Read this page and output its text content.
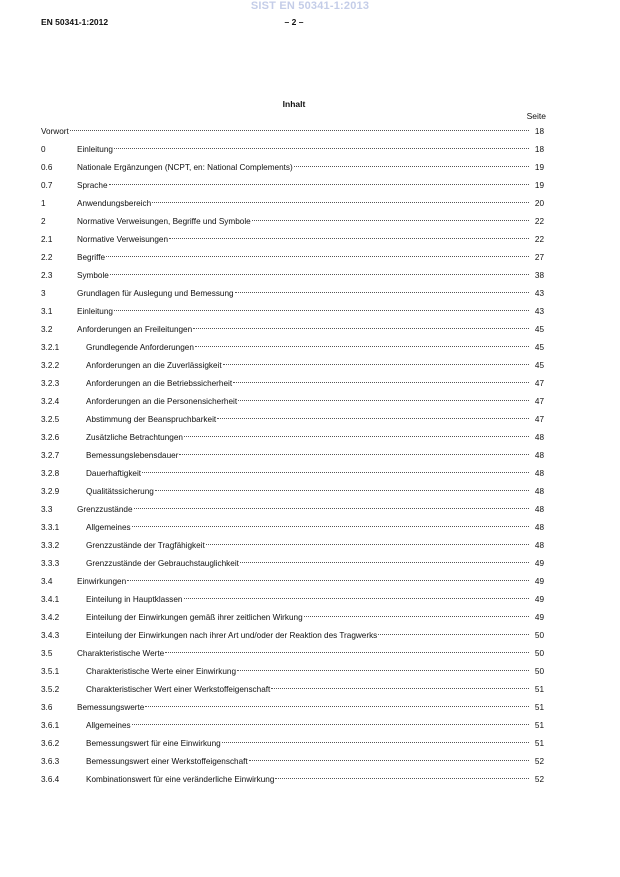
SIST EN 50341-1:2013
EN 50341-1:2012	– 2 –
Inhalt
Seite
Vorwort	18
0	Einleitung	18
0.6	Nationale Ergänzungen (NCPT, en: National Complements)	19
0.7	Sprache	19
1	Anwendungsbereich	20
2	Normative Verweisungen, Begriffe und Symbole	22
2.1	Normative Verweisungen	22
2.2	Begriffe	27
2.3	Symbole	38
3	Grundlagen für Auslegung und Bemessung	43
3.1	Einleitung	43
3.2	Anforderungen an Freileitungen	45
3.2.1	Grundlegende Anforderungen	45
3.2.2	Anforderungen an die Zuverlässigkeit	45
3.2.3	Anforderungen an die Betriebssicherheit	47
3.2.4	Anforderungen an die Personensicherheit	47
3.2.5	Abstimmung der Beanspruchbarkeit	47
3.2.6	Zusätzliche Betrachtungen	48
3.2.7	Bemessungslebensdauer	48
3.2.8	Dauerhaftigkeit	48
3.2.9	Qualitätssicherung	48
3.3	Grenzzustände	48
3.3.1	Allgemeines	48
3.3.2	Grenzzustände der Tragfähigkeit	48
3.3.3	Grenzzustände der Gebrauchstauglichkeit	49
3.4	Einwirkungen	49
3.4.1	Einteilung in Hauptklassen	49
3.4.2	Einteilung der Einwirkungen gemäß ihrer zeitlichen Wirkung	49
3.4.3	Einteilung der Einwirkungen nach ihrer Art und/oder der Reaktion des Tragwerks	50
3.5	Charakteristische Werte	50
3.5.1	Charakteristische Werte einer Einwirkung	50
3.5.2	Charakteristischer Wert einer Werkstoffeigenschaft	51
3.6	Bemessungswerte	51
3.6.1	Allgemeines	51
3.6.2	Bemessungswert für eine Einwirkung	51
3.6.3	Bemessungswert einer Werkstoffeigenschaft	52
3.6.4	Kombinationswert für eine veränderliche Einwirkung	52
